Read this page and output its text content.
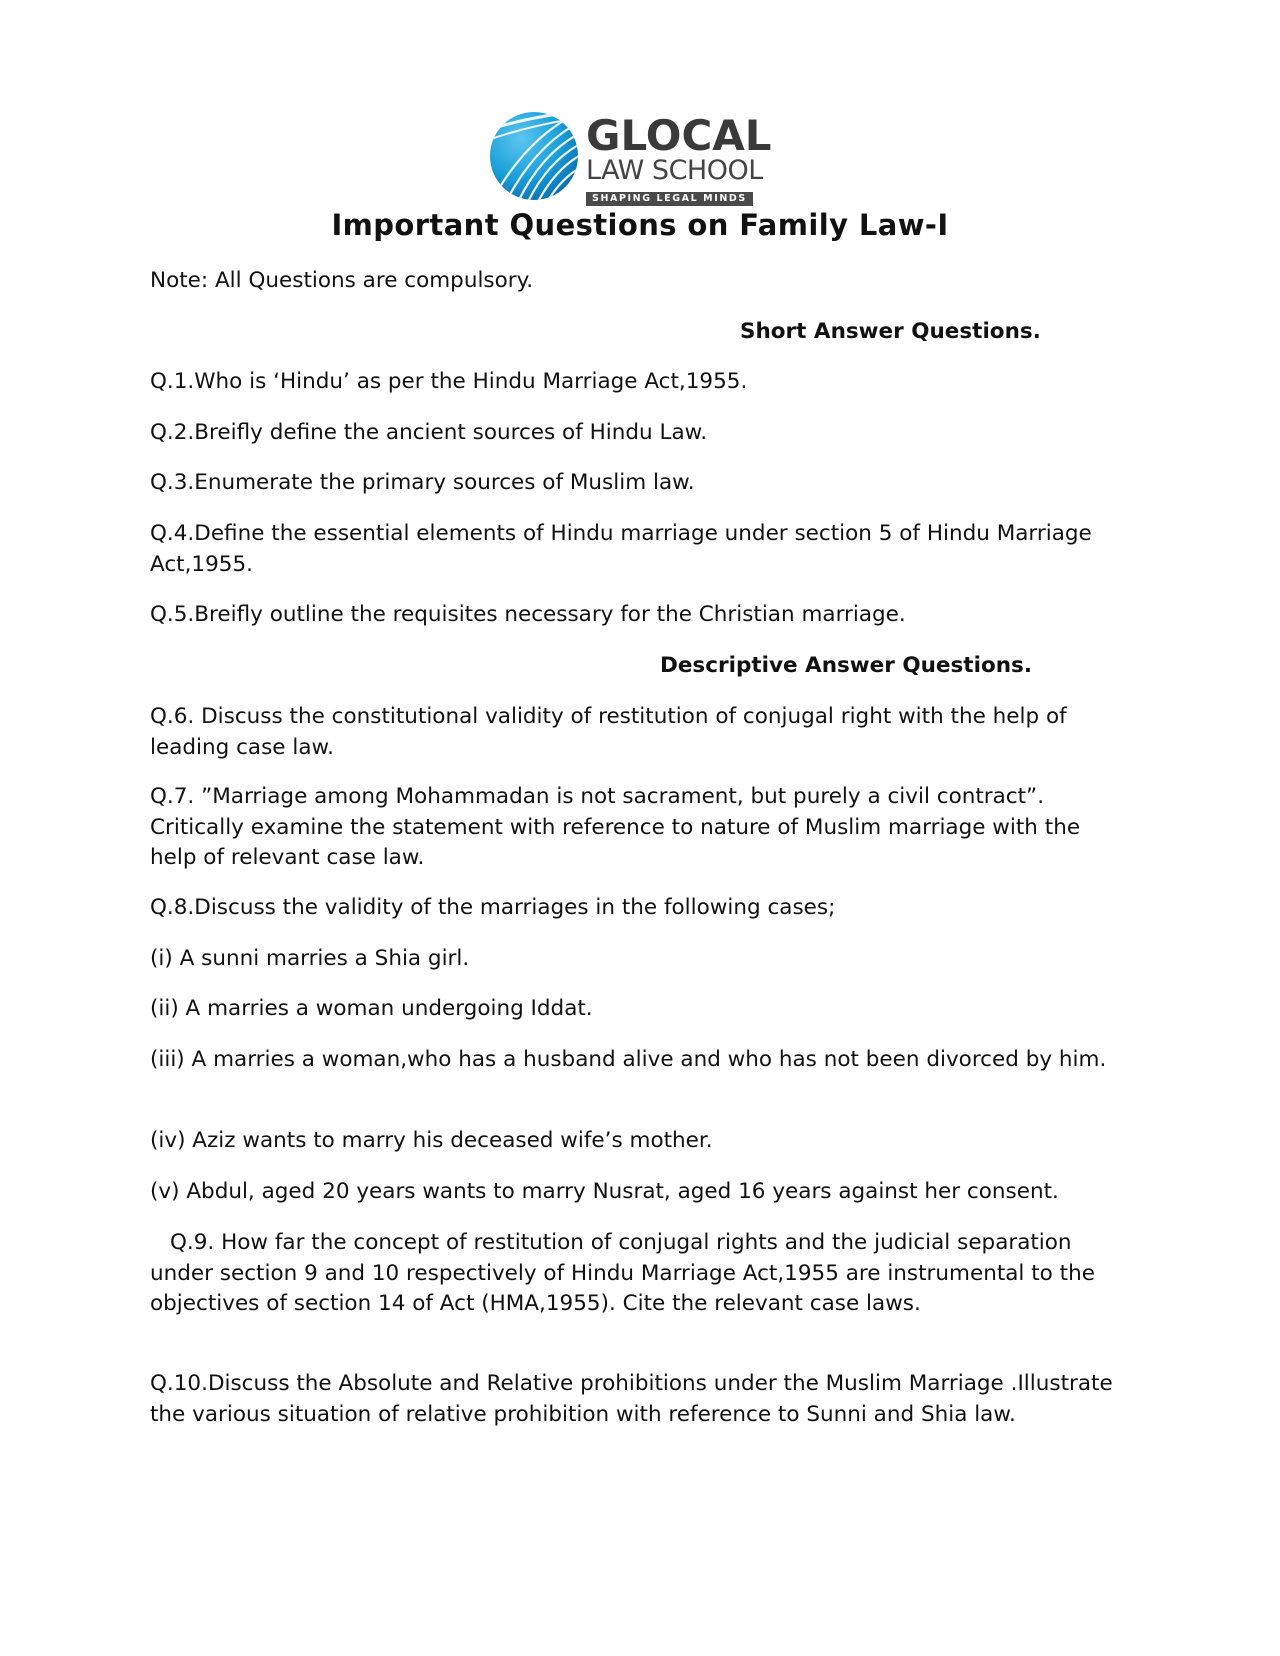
GLOCAL
LAW SCHOOL
SHAPING LEGAL MINDS
Important Questions on Family Law-I

Note: All Questions are compulsory.

Short Answer Questions.

Q.1.Who is ‘Hindu’ as per the Hindu Marriage Act,1955.

Q.2.Breifly define the ancient sources of Hindu Law.

Q.3.Enumerate the primary sources of Muslim law.

Q.4.Define the essential elements of Hindu marriage under section 5 of Hindu Marriage Act,1955.

Q.5.Breifly outline the requisites necessary for the Christian marriage.

Descriptive Answer Questions.

Q.6. Discuss the constitutional validity of restitution of conjugal right with the help of leading case law.

Q.7. ”Marriage among Mohammadan is not sacrament, but purely a civil contract”. Critically examine the statement with reference to nature of Muslim marriage with the help of relevant case law.

Q.8.Discuss the validity of the marriages in the following cases;

(i) A sunni marries a Shia girl.

(ii) A marries a woman undergoing Iddat.

(iii) A marries a woman,who has a husband alive and who has not been divorced by him.

(iv) Aziz wants to marry his deceased wife’s mother.

(v) Abdul, aged 20 years wants to marry Nusrat, aged 16 years against her consent.

Q.9. How far the concept of restitution of conjugal rights and the judicial separation under section 9 and 10 respectively of Hindu Marriage Act,1955 are instrumental to the objectives of section 14 of Act (HMA,1955). Cite the relevant case laws.

Q.10.Discuss the Absolute and Relative prohibitions under the Muslim Marriage .Illustrate the various situation of relative prohibition with reference to Sunni and Shia law.
